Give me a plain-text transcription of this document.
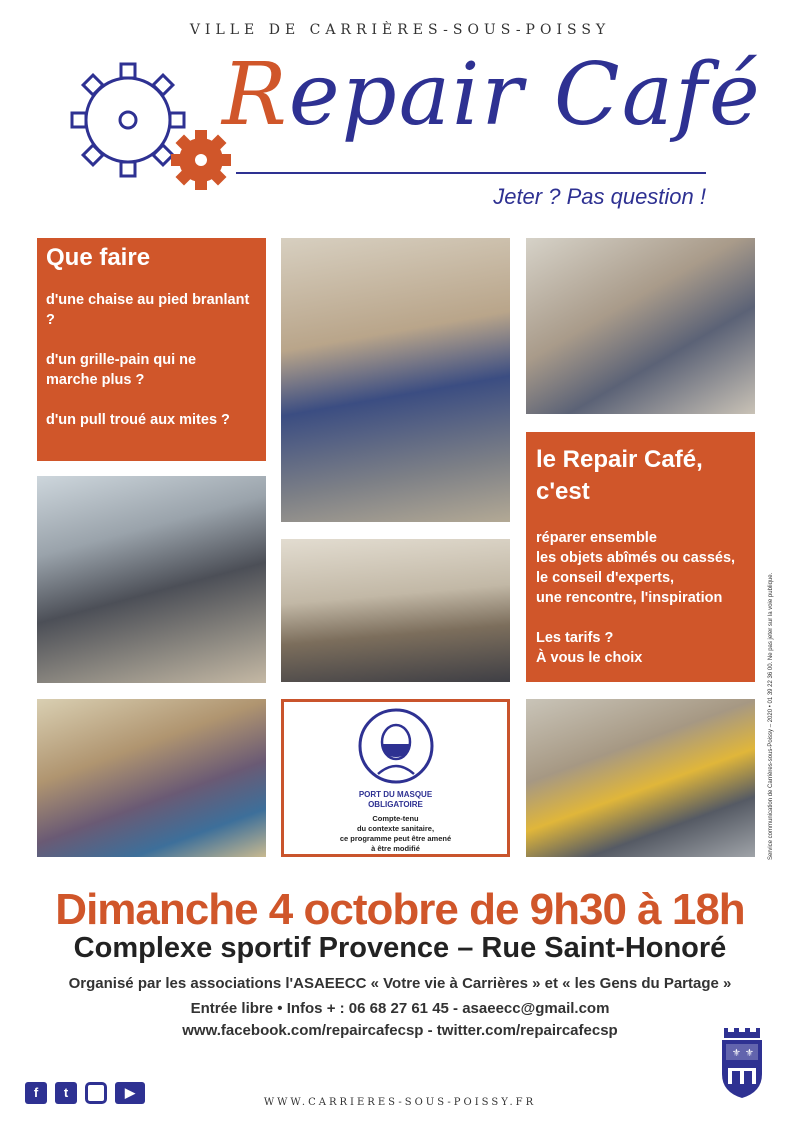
VILLE DE CARRIÈRES-SOUS-POISSY
Repair Café
Jeter ? Pas question !
Que faire
d'une chaise au pied branlant ?
d'un grille-pain qui ne marche plus ?
d'un pull troué aux mites ?
le Repair Café,
c'est
réparer ensemble
les objets abîmés ou cassés,
le conseil d'experts,
une rencontre, l'inspiration
Les tarifs ?
À vous le choix
PORT DU MASQUE
OBLIGATOIRE
Compte-tenu
du contexte sanitaire,
ce programme peut être amené
à être modifié	Service communication de Carrières-sous-Poissy – 2020 • 01 39 22 36 00. Ne pas jeter sur la voie publique.
Dimanche 4 octobre de 9h30 à 18h
Complexe sportif Provence – Rue Saint-Honoré
Organisé par les associations l'ASAEECC « Votre vie à Carrières » et « les Gens du Partage »
Entrée libre • Infos + : 06 68 27 61 45 - asaeecc@gmail.com
www.facebook.com/repaircafecsp - twitter.com/repaircafecsp
f	t	▶
WWW.CARRIERES-SOUS-POISSY.FR
⚜ ⚜
